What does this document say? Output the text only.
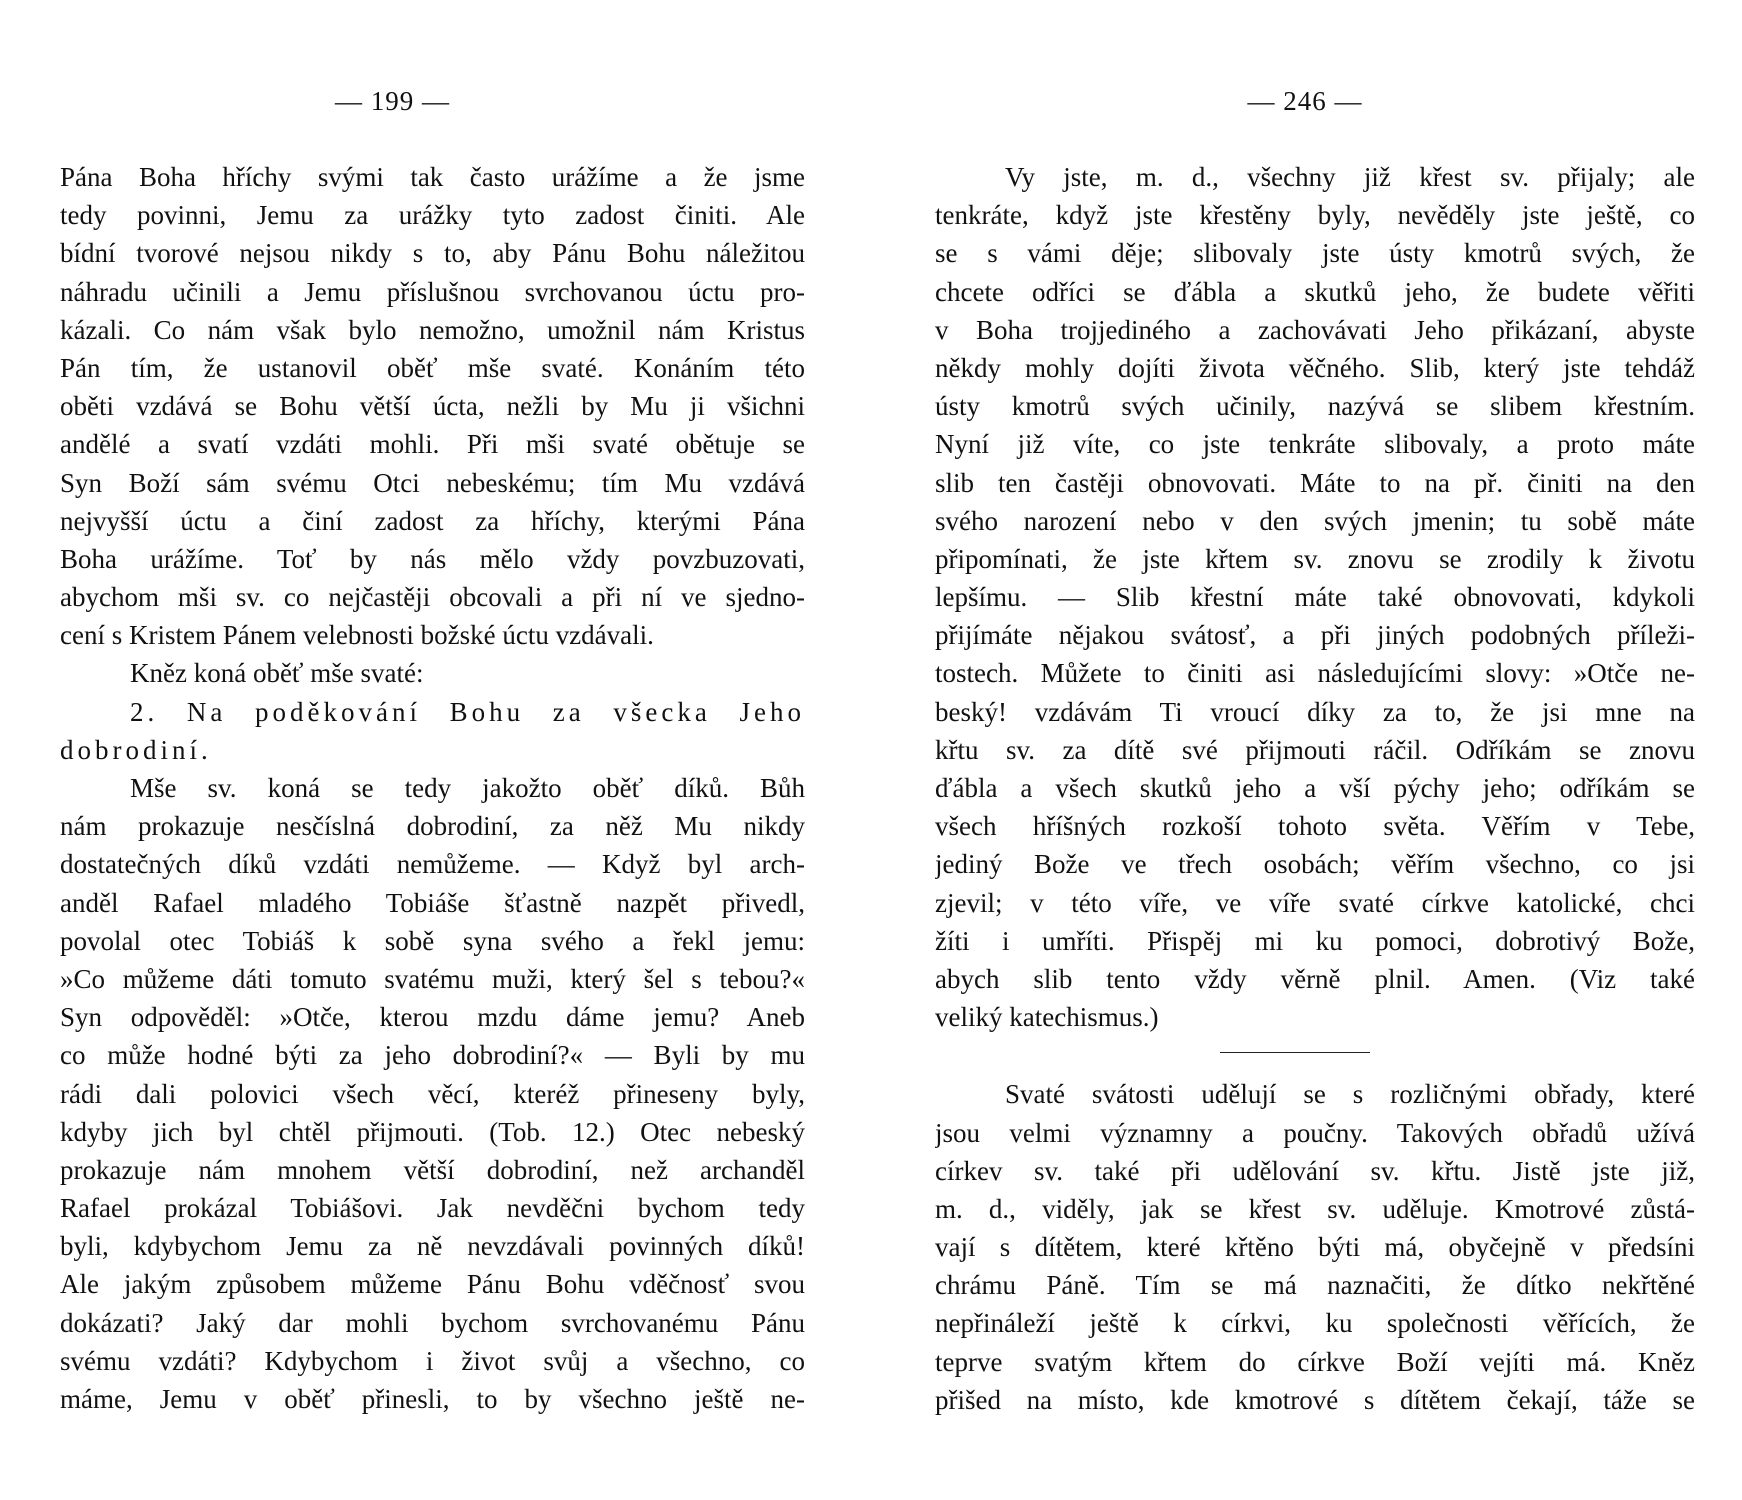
— 199 —
Pána Boha hříchy svými tak často urážíme a že jsme
tedy povinni, Jemu za urážky tyto zadost činiti. Ale
bídní tvorové nejsou nikdy s to, aby Pánu Bohu náležitou
náhradu učinili a Jemu příslušnou svrchovanou úctu pro-
kázali. Co nám však bylo nemožno, umožnil nám Kristus
Pán tím, že ustanovil oběť mše svaté. Konáním této
oběti vzdává se Bohu větší úcta, nežli by Mu ji všichni
andělé a svatí vzdáti mohli. Při mši svaté obětuje se
Syn Boží sám svému Otci nebeskému; tím Mu vzdává
nejvyšší úctu a činí zadost za hříchy, kterými Pána
Boha urážíme. Toť by nás mělo vždy povzbuzovati,
abychom mši sv. co nejčastěji obcovali a při ní ve sjedno-
cení s Kristem Pánem velebnosti božské úctu vzdávali.
Kněz koná oběť mše svaté:
2. Na poděkování Bohu za všecka Jeho
dobrodiní.
Mše sv. koná se tedy jakožto oběť díků. Bůh
nám prokazuje nesčíslná dobrodiní, za něž Mu nikdy
dostatečných díků vzdáti nemůžeme. — Když byl arch-
anděl Rafael mladého Tobiáše šťastně nazpět přivedl,
povolal otec Tobiáš k sobě syna svého a řekl jemu:
»Co můžeme dáti tomuto svatému muži, který šel s tebou?«
Syn odpověděl: »Otče, kterou mzdu dáme jemu? Aneb
co může hodné býti za jeho dobrodiní?« — Byli by mu
rádi dali polovici všech věcí, kteréž přineseny byly,
kdyby jich byl chtěl přijmouti. (Tob. 12.) Otec nebeský
prokazuje nám mnohem větší dobrodiní, než archanděl
Rafael prokázal Tobiášovi. Jak nevděčni bychom tedy
byli, kdybychom Jemu za ně nevzdávali povinných díků!
Ale jakým způsobem můžeme Pánu Bohu vděčnosť svou
dokázati? Jaký dar mohli bychom svrchovanému Pánu
svému vzdáti? Kdybychom i život svůj a všechno, co
máme, Jemu v oběť přinesli, to by všechno ještě ne-
— 246 —
Vy jste, m. d., všechny již křest sv. přijaly; ale
tenkráte, když jste křestěny byly, nevěděly jste ještě, co
se s vámi děje; slibovaly jste ústy kmotrů svých, že
chcete odříci se ďábla a skutků jeho, že budete věřiti
v Boha trojjediného a zachovávati Jeho přikázaní, abyste
někdy mohly dojíti života věčného. Slib, který jste tehdáž
ústy kmotrů svých učinily, nazývá se slibem křestním.
Nyní již víte, co jste tenkráte slibovaly, a proto máte
slib ten častěji obnovovati. Máte to na př. činiti na den
svého narození nebo v den svých jmenin; tu sobě máte
připomínati, že jste křtem sv. znovu se zrodily k životu
lepšímu. — Slib křestní máte také obnovovati, kdykoli
přijímáte nějakou svátosť, a při jiných podobných příleži-
tostech. Můžete to činiti asi následujícími slovy: »Otče ne-
beský! vzdávám Ti vroucí díky za to, že jsi mne na
křtu sv. za dítě své přijmouti ráčil. Odříkám se znovu
ďábla a všech skutků jeho a vší pýchy jeho; odříkám se
všech hříšných rozkoší tohoto světa. Věřím v Tebe,
jediný Bože ve třech osobách; věřím všechno, co jsi
zjevil; v této víře, ve víře svaté církve katolické, chci
žíti i umříti. Přispěj mi ku pomoci, dobrotivý Bože,
abych slib tento vždy věrně plnil. Amen. (Viz také
veliký katechismus.)
Svaté svátosti udělují se s rozličnými obřady, které
jsou velmi významny a poučny. Takových obřadů užívá
církev sv. také při udělování sv. křtu. Jistě jste již,
m. d., viděly, jak se křest sv. uděluje. Kmotrové zůstá-
vají s dítětem, které křtěno býti má, obyčejně v předsíni
chrámu Páně. Tím se má naznačiti, že dítko nekřtěné
nepřináleží ještě k církvi, ku společnosti věřících, že
teprve svatým křtem do církve Boží vejíti má. Kněz
přišed na místo, kde kmotrové s dítětem čekají, táže se
